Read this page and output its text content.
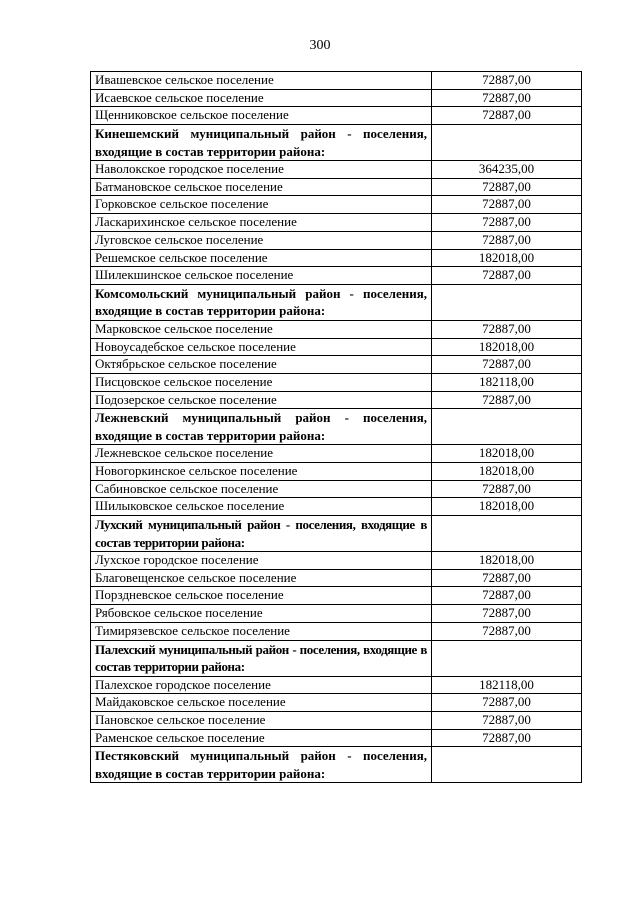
300
Ивашевское сельское поселение	72887,00
Исаевское сельское поселение	72887,00
Щенниковское сельское поселение	72887,00
Кинешемский муниципальный район - поселения, входящие в состав территории района:	
Наволокское городское поселение	364235,00
Батмановское сельское поселение	72887,00
Горковское сельское поселение	72887,00
Ласкарихинское сельское поселение	72887,00
Луговское сельское поселение	72887,00
Решемское сельское поселение	182018,00
Шилекшинское сельское поселение	72887,00
Комсомольский муниципальный район - поселения, входящие в состав территории района:	
Марковское сельское поселение	72887,00
Новоусадебское сельское поселение	182018,00
Октябрьское сельское поселение	72887,00
Писцовское сельское поселение	182118,00
Подозерское сельское поселение	72887,00
Лежневский муниципальный район - поселения, входящие в состав территории района:	
Лежневское сельское поселение	182018,00
Новогоркинское сельское поселение	182018,00
Сабиновское сельское поселение	72887,00
Шилыковское сельское поселение	182018,00
Лухский муниципальный район - поселения, входящие в состав территории района:	
Лухское городское поселение	182018,00
Благовещенское сельское поселение	72887,00
Порздневское сельское поселение	72887,00
Рябовское сельское поселение	72887,00
Тимирязевское сельское поселение	72887,00
Палехский муниципальный район - поселения, входящие в состав территории района:	
Палехское городское поселение	182118,00
Майдаковское сельское поселение	72887,00
Пановское сельское поселение	72887,00
Раменское сельское поселение	72887,00
Пестяковский муниципальный район - поселения, входящие в состав территории района:	
